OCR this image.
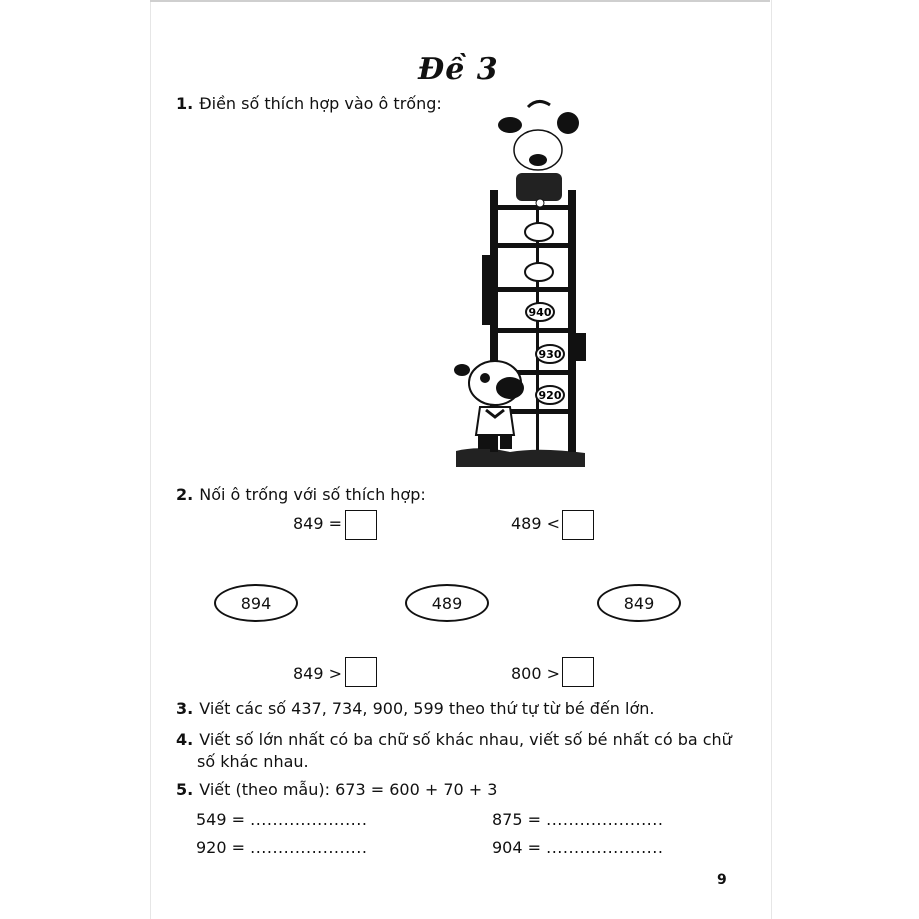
Đề 3
1. Điền số thích hợp vào ô trống:
940
930
920
2. Nối ô trống với số thích hợp:
849 =	489 <
894	489	849
849 >	800 >
3. Viết các số 437, 734, 900, 599 theo thứ tự từ bé đến lớn.
4. Viết số lớn nhất có ba chữ số khác nhau, viết số bé nhất có ba chữ
số khác nhau.
5. Viết (theo mẫu): 673 = 600 + 70 + 3
549 = .....................	875 = .....................
920 = .....................	904 = .....................
9
